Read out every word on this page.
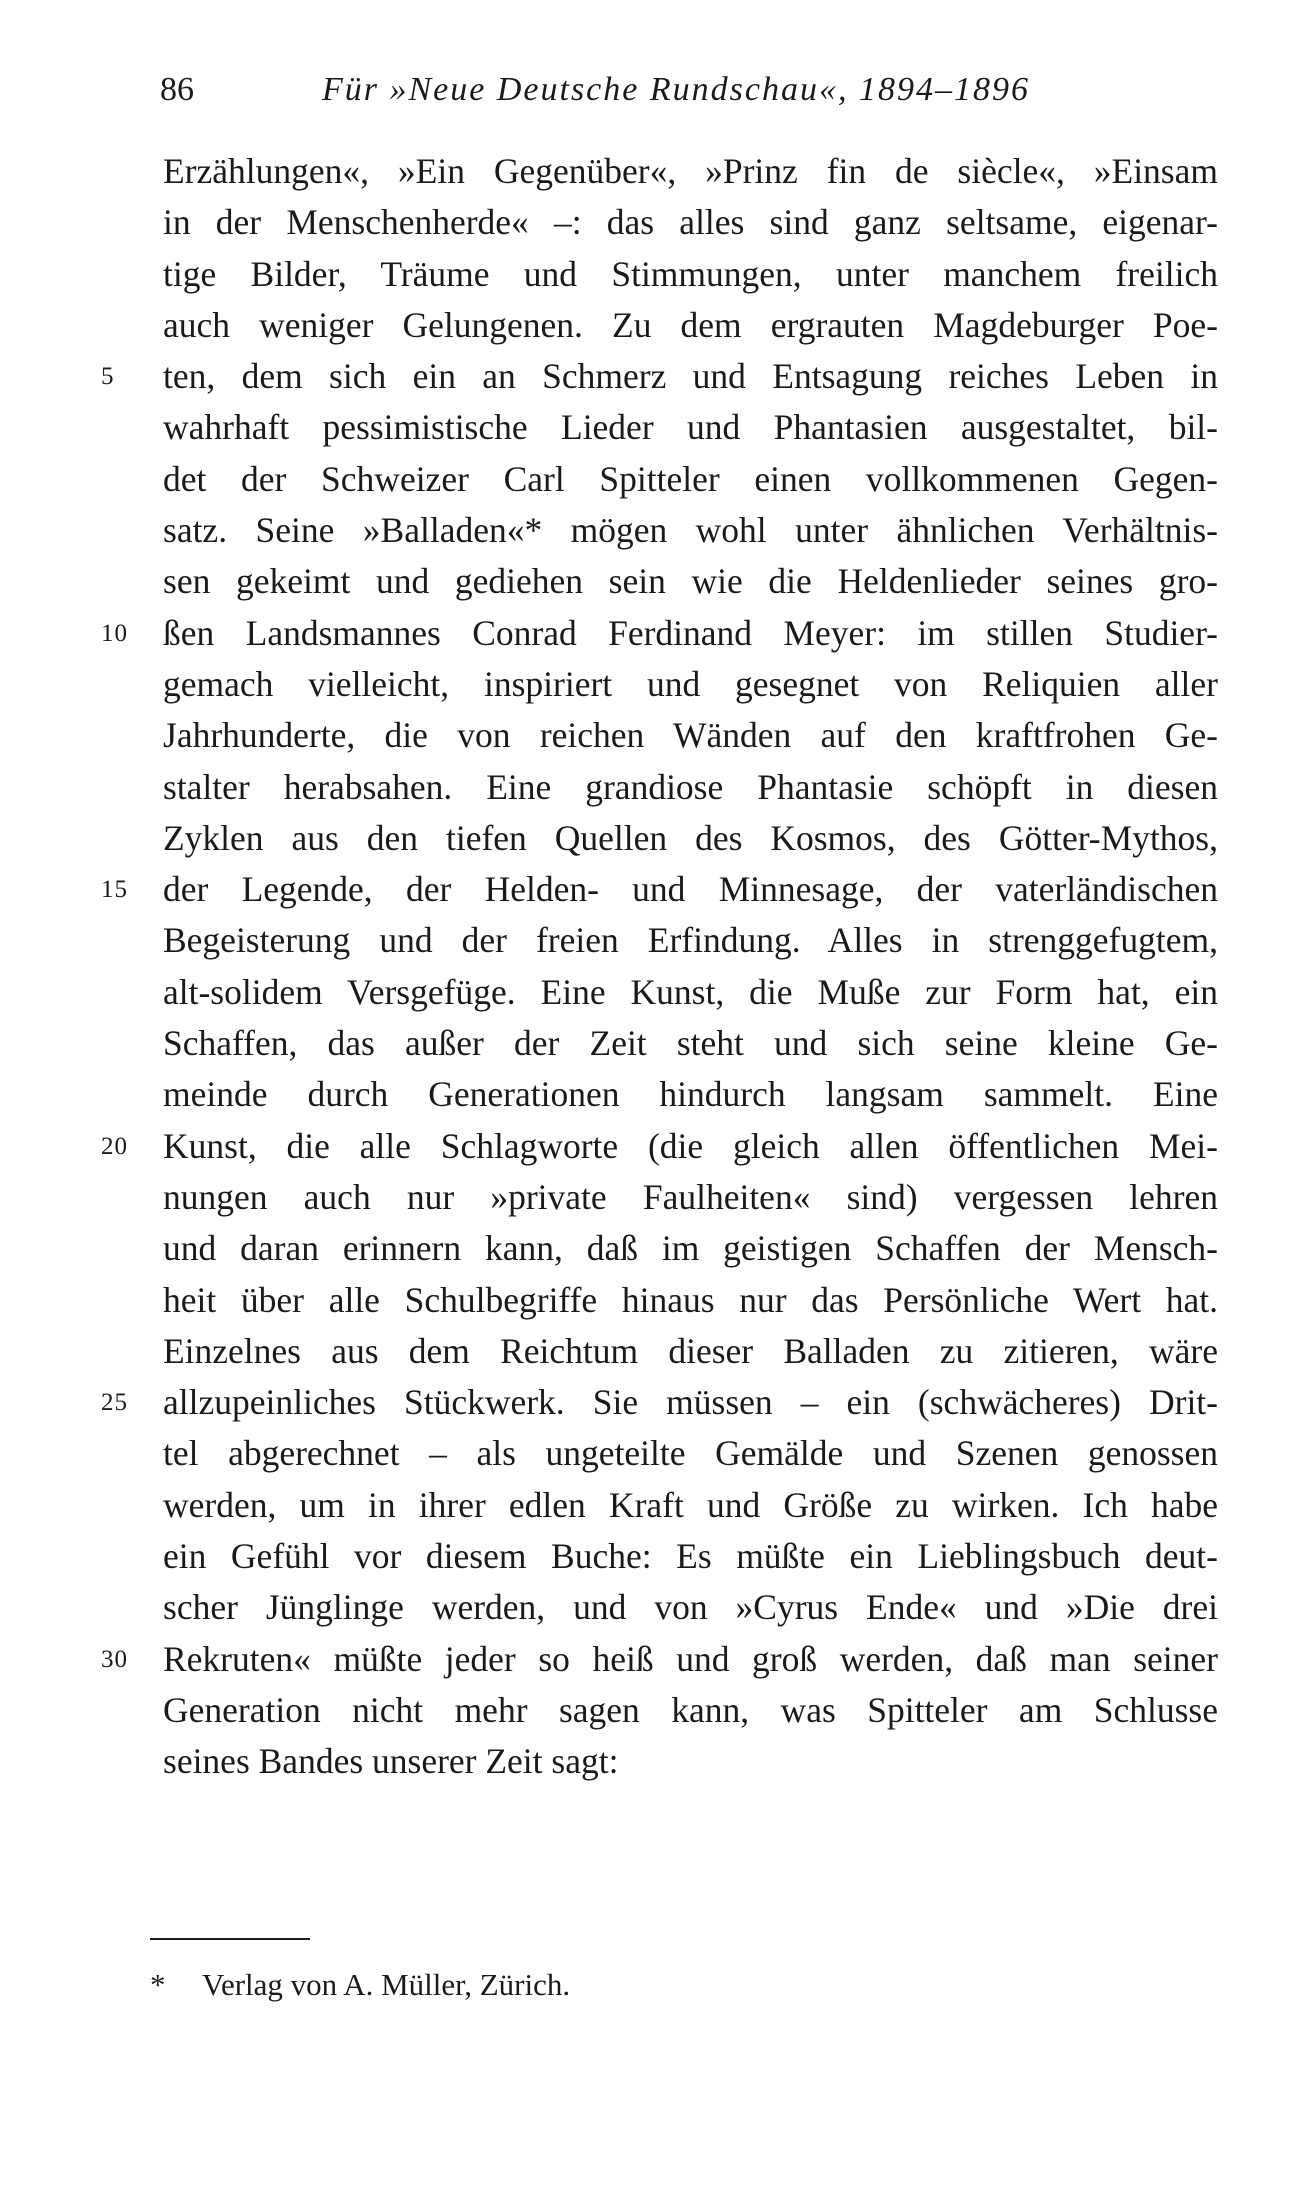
86	Für »Neue Deutsche Rundschau«, 1894–1896
Erzählungen«, »Ein Gegenüber«, »Prinz fin de siècle«, »Einsam
in der Menschenherde« –: das alles sind ganz seltsame, eigenar-
tige Bilder, Träume und Stimmungen, unter manchem freilich
auch weniger Gelungenen. Zu dem ergrauten Magdeburger Poe-
5	ten, dem sich ein an Schmerz und Entsagung reiches Leben in
wahrhaft pessimistische Lieder und Phantasien ausgestaltet, bil-
det der Schweizer Carl Spitteler einen vollkommenen Gegen-
satz. Seine »Balladen«* mögen wohl unter ähnlichen Verhältnis-
sen gekeimt und gediehen sein wie die Heldenlieder seines gro-
10 ßen Landsmannes Conrad Ferdinand Meyer: im stillen Studier-
gemach vielleicht, inspiriert und gesegnet von Reliquien aller
Jahrhunderte, die von reichen Wänden auf den kraftfrohen Ge-
stalter herabsahen. Eine grandiose Phantasie schöpft in diesen
Zyklen aus den tiefen Quellen des Kosmos, des Götter-Mythos,
15 der Legende, der Helden- und Minnesage, der vaterländischen
Begeisterung und der freien Erfindung. Alles in strenggefugtem,
alt-solidem Versgefüge. Eine Kunst, die Muße zur Form hat, ein
Schaffen, das außer der Zeit steht und sich seine kleine Ge-
meinde durch Generationen hindurch langsam sammelt. Eine
20 Kunst, die alle Schlagworte (die gleich allen öffentlichen Mei-
nungen auch nur »private Faulheiten« sind) vergessen lehren
und daran erinnern kann, daß im geistigen Schaffen der Mensch-
heit über alle Schulbegriffe hinaus nur das Persönliche Wert hat.
Einzelnes aus dem Reichtum dieser Balladen zu zitieren, wäre
25 allzupeinliches Stückwerk. Sie müssen – ein (schwächeres) Drit-
tel abgerechnet – als ungeteilte Gemälde und Szenen genossen
werden, um in ihrer edlen Kraft und Größe zu wirken. Ich habe
ein Gefühl vor diesem Buche: Es müßte ein Lieblingsbuch deut-
scher Jünglinge werden, und von »Cyrus Ende« und »Die drei
30 Rekruten« müßte jeder so heiß und groß werden, daß man seiner
Generation nicht mehr sagen kann, was Spitteler am Schlusse
seines Bandes unserer Zeit sagt:
* Verlag von A. Müller, Zürich.
